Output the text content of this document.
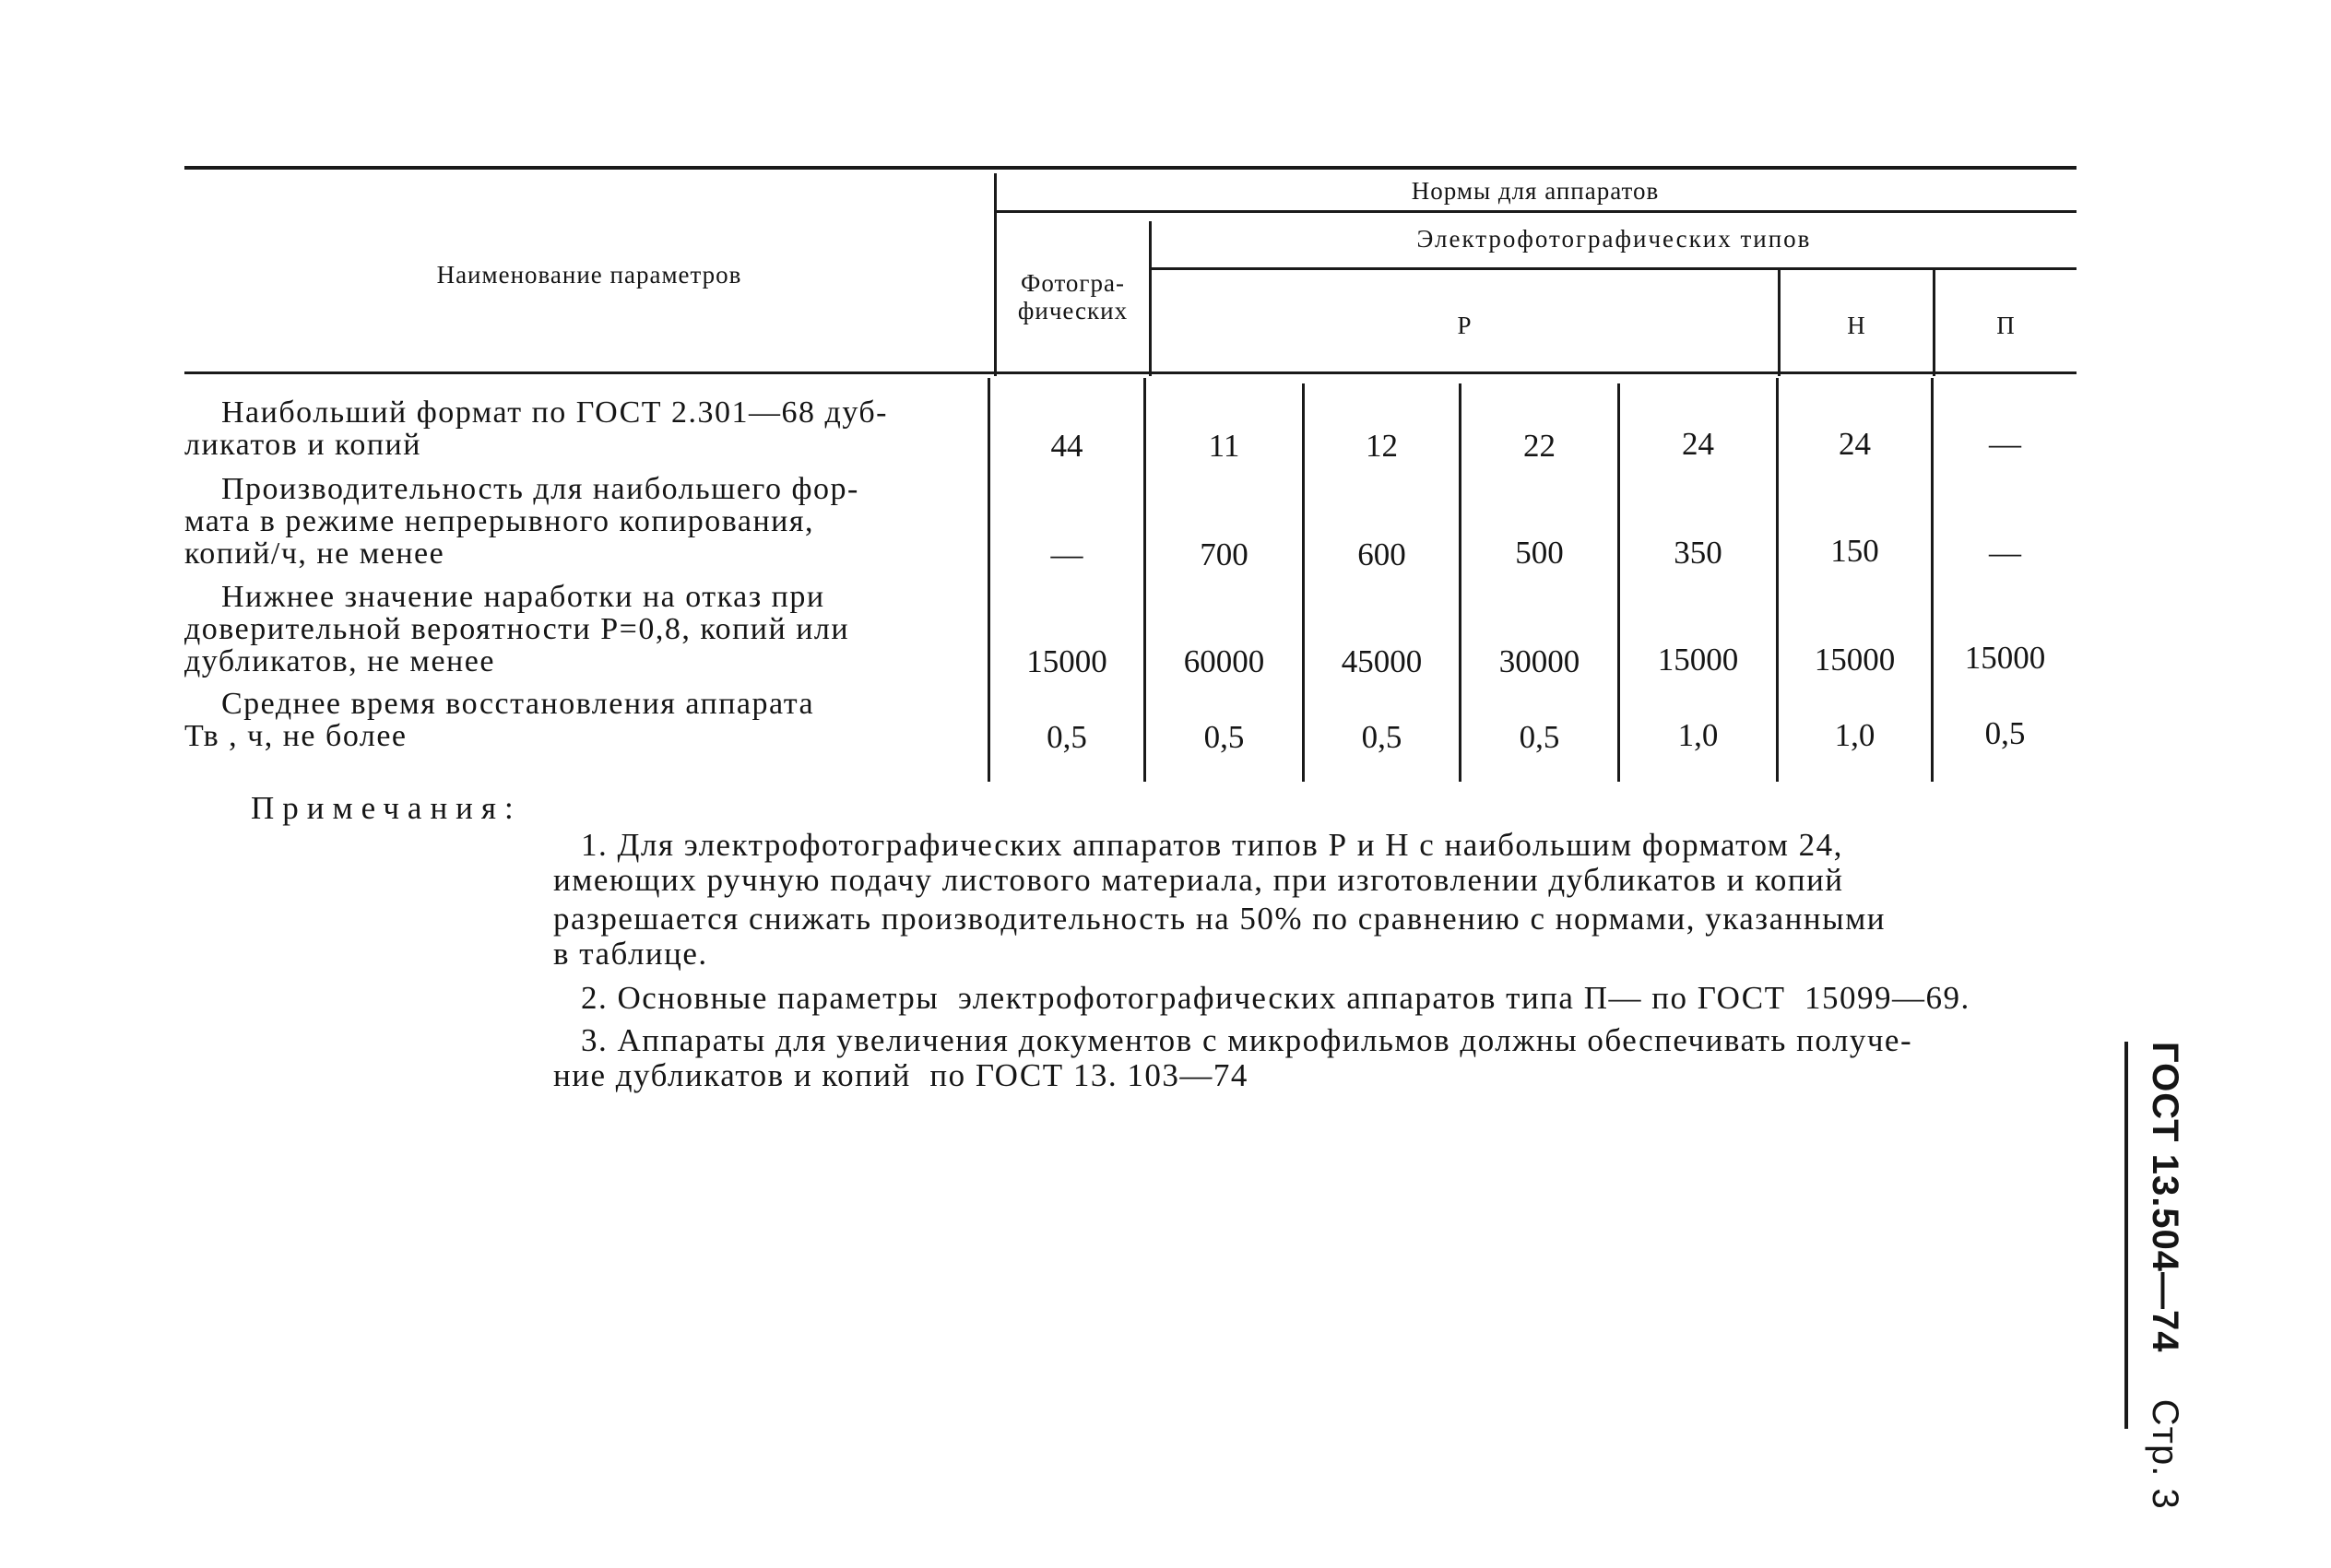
Наименование параметров
Нормы для аппаратов
Фотогра-
фических
Электрофотографических типов
Р	Н	П
Наибольший формат по ГОСТ 2.301—68 дуб-
ликатов и копий	44	11	12	22	24	24	—
Производительность для наибольшего фор-
мата в режиме непрерывного копирования,
копий/ч, не менее	—	700	600	500	350	150	—
Нижнее значение наработки на отказ при
доверительной вероятности P=0,8, копий или
дубликатов, не менее	15000	60000	45000	30000	15000	15000	15000
Среднее время восстановления аппарата
Тв , ч, не более	0,5	0,5	0,5	0,5	1,0	1,0	0,5
Примечания:
1. Для электрофотографических аппаратов типов Р и Н с наибольшим форматом 24,
имеющих ручную подачу листового материала, при изготовлении дубликатов и копий
разрешается снижать производительность на 50% по сравнению с нормами, указанными
в таблице.
2. Основные параметры  электрофотографических аппаратов типа П— по ГОСТ  15099—69.
3. Аппараты для увеличения документов с микрофильмов должны обеспечивать получе-
ние дубликатов и копий  по ГОСТ 13. 103—74	ГОСТ 13.504—74  Стр. 3
